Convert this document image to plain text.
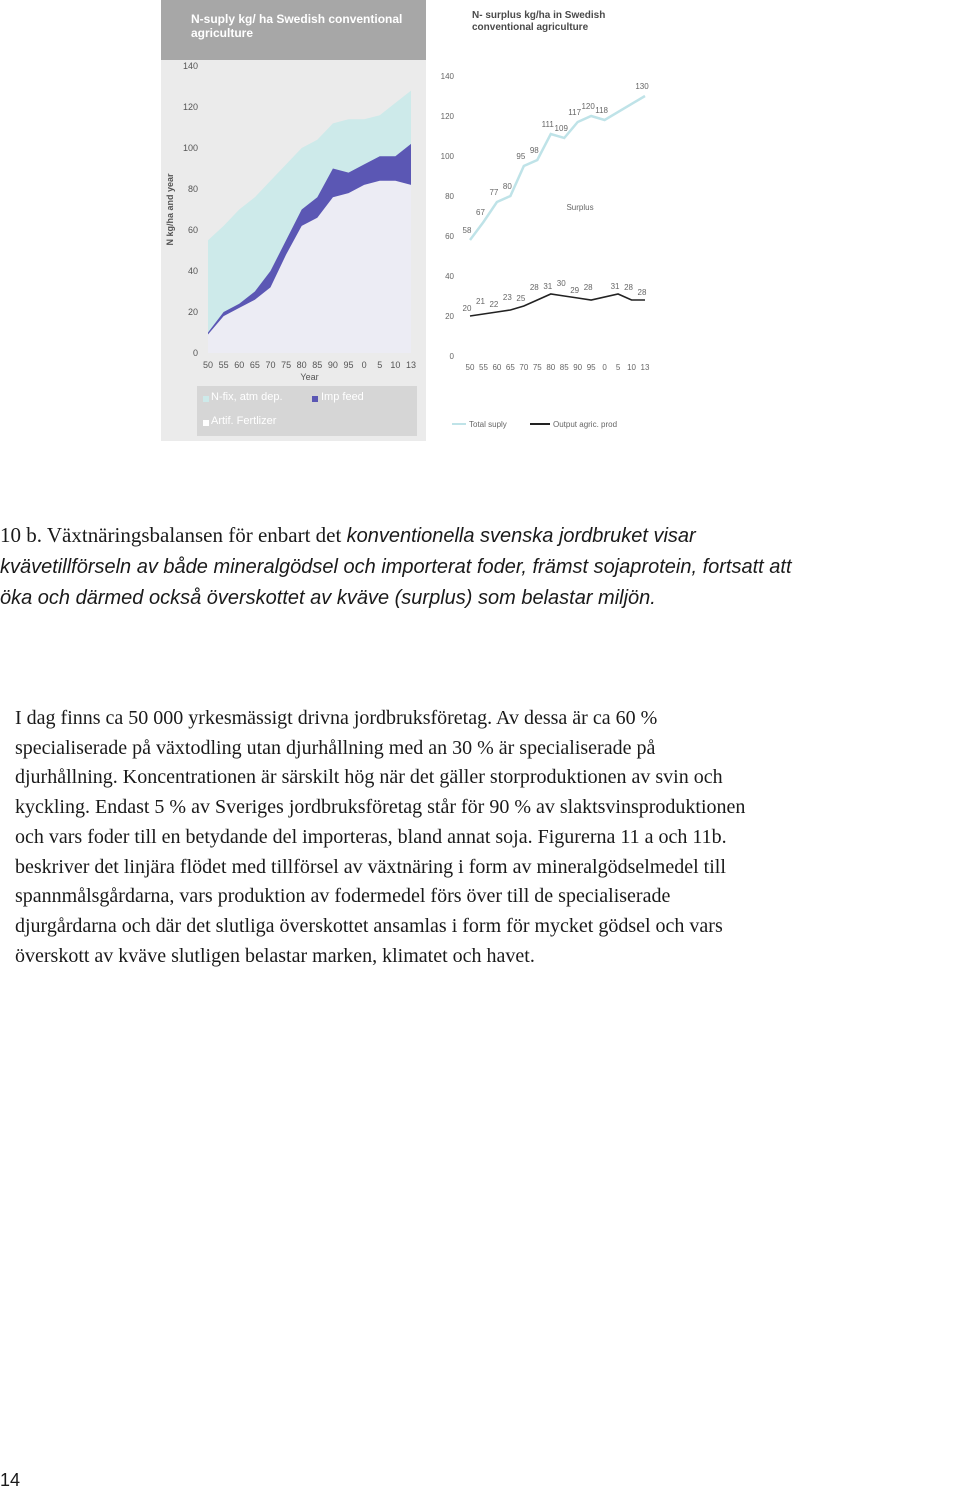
0
20
40
60
80
100
120
140
50 55 60 65 70 75 80 85 90 95 0 5 10 13
Year
N kg/ha and year
N-suply kg/ ha Swedish conventional agriculture
N-fix, atm dep.	Imp feed
Artif. Fertlizer
0
20
40
60
80
100
120
140
50 55 60 65 70 75 80 85 90 95 0 5 10 13
58
67
77
80
95
98
111 109
117
120 118
130
20
21 22
23 25
28 31 30
29 28 31 28
28
Surplus
Total suply	Output agric. prod
N- surplus kg/ha in Swedish conventional agriculture
10 b. Växtnäringsbalansen för enbart det konventionella svenska jordbruket visar
kvävetillförseln av både mineralgödsel och importerat foder, främst sojaprotein, fortsatt att
öka och därmed också överskottet av kväve (surplus) som belastar miljön.
I dag finns ca 50 000 yrkesmässigt drivna jordbruksföretag. Av dessa är ca 60 %
specialiserade på växtodling utan djurhållning med an 30 % är specialiserade på
djurhållning. Koncentrationen är särskilt hög när det gäller storproduktionen av svin och
kyckling. Endast 5 % av Sveriges jordbruksföretag står för 90 % av slaktsvinsproduktionen
och vars foder till en betydande del importeras, bland annat soja. Figurerna 11 a och 11b.
beskriver det linjära flödet med tillförsel av växtnäring i form av mineralgödselmedel till
spannmålsgårdarna, vars produktion av fodermedel förs över till de specialiserade
djurgårdarna och där det slutliga överskottet ansamlas i form för mycket gödsel och vars
överskott av kväve slutligen belastar marken, klimatet och havet.
14
